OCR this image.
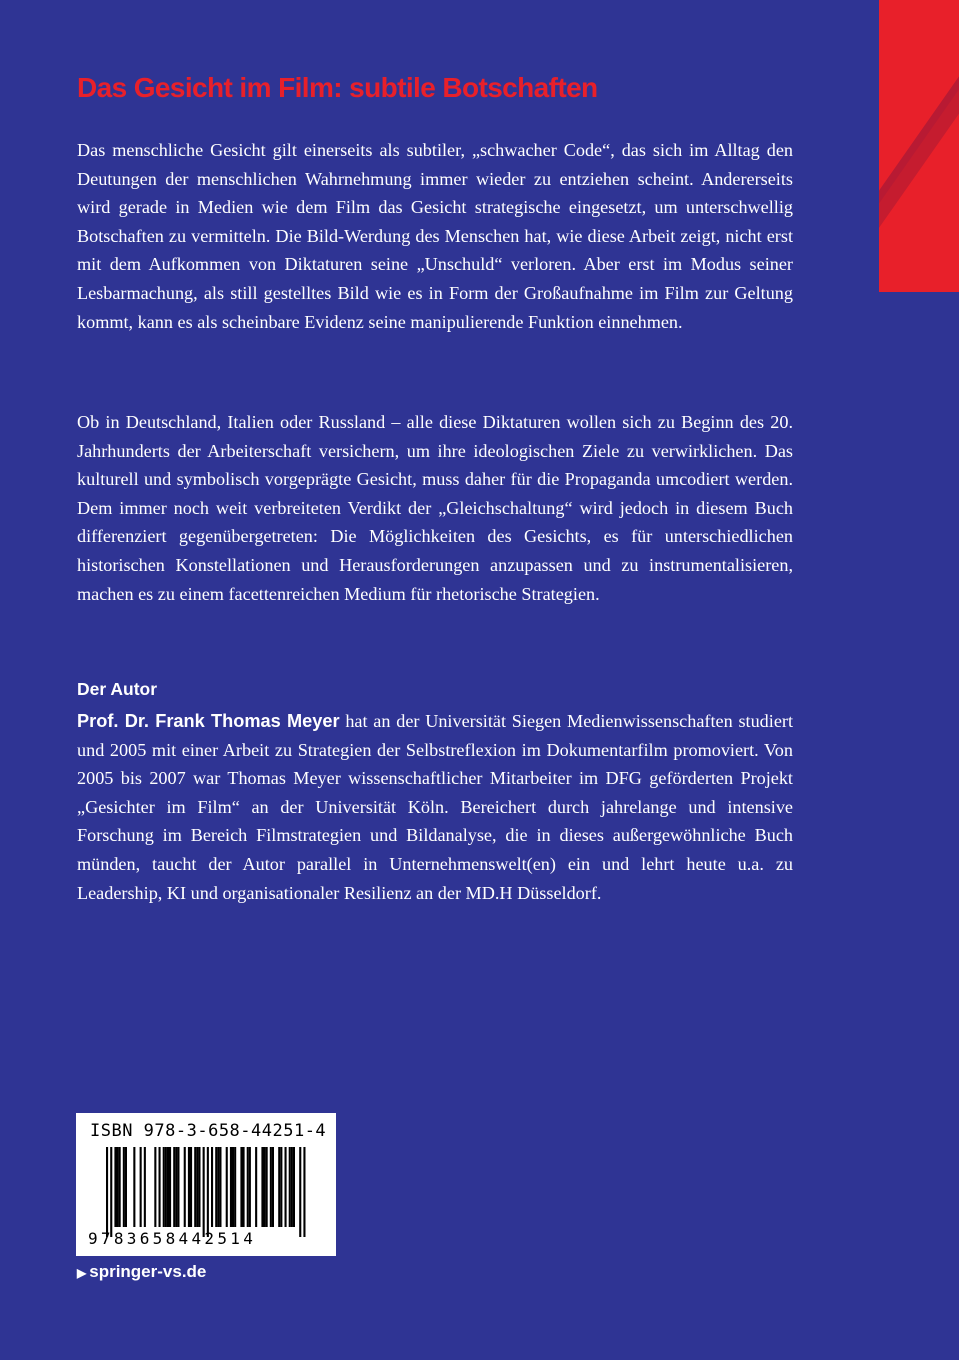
Das Gesicht im Film: subtile Botschaften

Das menschliche Gesicht gilt einerseits als subtiler, „schwacher Code“, das sich im Alltag den Deutungen der menschlichen Wahrnehmung immer wieder zu entziehen scheint. Andererseits wird gerade in Medien wie dem Film das Gesicht strategische eingesetzt, um unterschwellig Botschaften zu vermitteln. Die Bild-Werdung des Menschen hat, wie diese Arbeit zeigt, nicht erst mit dem Aufkommen von Diktaturen seine „Unschuld“ verloren. Aber erst im Modus seiner Lesbarmachung, als still gestelltes Bild wie es in Form der Großaufnahme im Film zur Geltung kommt, kann es als scheinbare Evidenz seine manipulierende Funktion einnehmen.

Ob in Deutschland, Italien oder Russland – alle diese Diktaturen wollen sich zu Beginn des 20. Jahrhunderts der Arbeiterschaft versichern, um ihre ideologischen Ziele zu verwirklichen. Das kulturell und symbolisch vorgeprägte Gesicht, muss daher für die Propaganda umcodiert werden. Dem immer noch weit verbreiteten Verdikt der „Gleichschaltung“ wird jedoch in diesem Buch differenziert gegenübergetreten: Die Möglichkeiten des Gesichts, es für unterschiedlichen historischen Konstellationen und Herausforderungen anzupassen und zu instrumentalisieren, machen es zu einem facettenreichen Medium für rhetorische Strategien.

Der Autor

Prof. Dr. Frank Thomas Meyer hat an der Universität Siegen Medienwissenschaften studiert und 2005 mit einer Arbeit zu Strategien der Selbstreflexion im Dokumentarfilm promoviert. Von 2005 bis 2007 war Thomas Meyer wissenschaftlicher Mitarbeiter im DFG geförderten Projekt „Gesichter im Film“ an der Universität Köln. Bereichert durch jahrelange und intensive Forschung im Bereich Filmstrategien und Bildanalyse, die in dieses außergewöhnliche Buch münden, taucht der Autor parallel in Unternehmenswelt(en) ein und lehrt heute u.a. zu Leadership, KI und organisationaler Resilienz an der MD.H Düsseldorf.

ISBN 978-3-658-44251-4
9783658442514

▶ springer-vs.de
